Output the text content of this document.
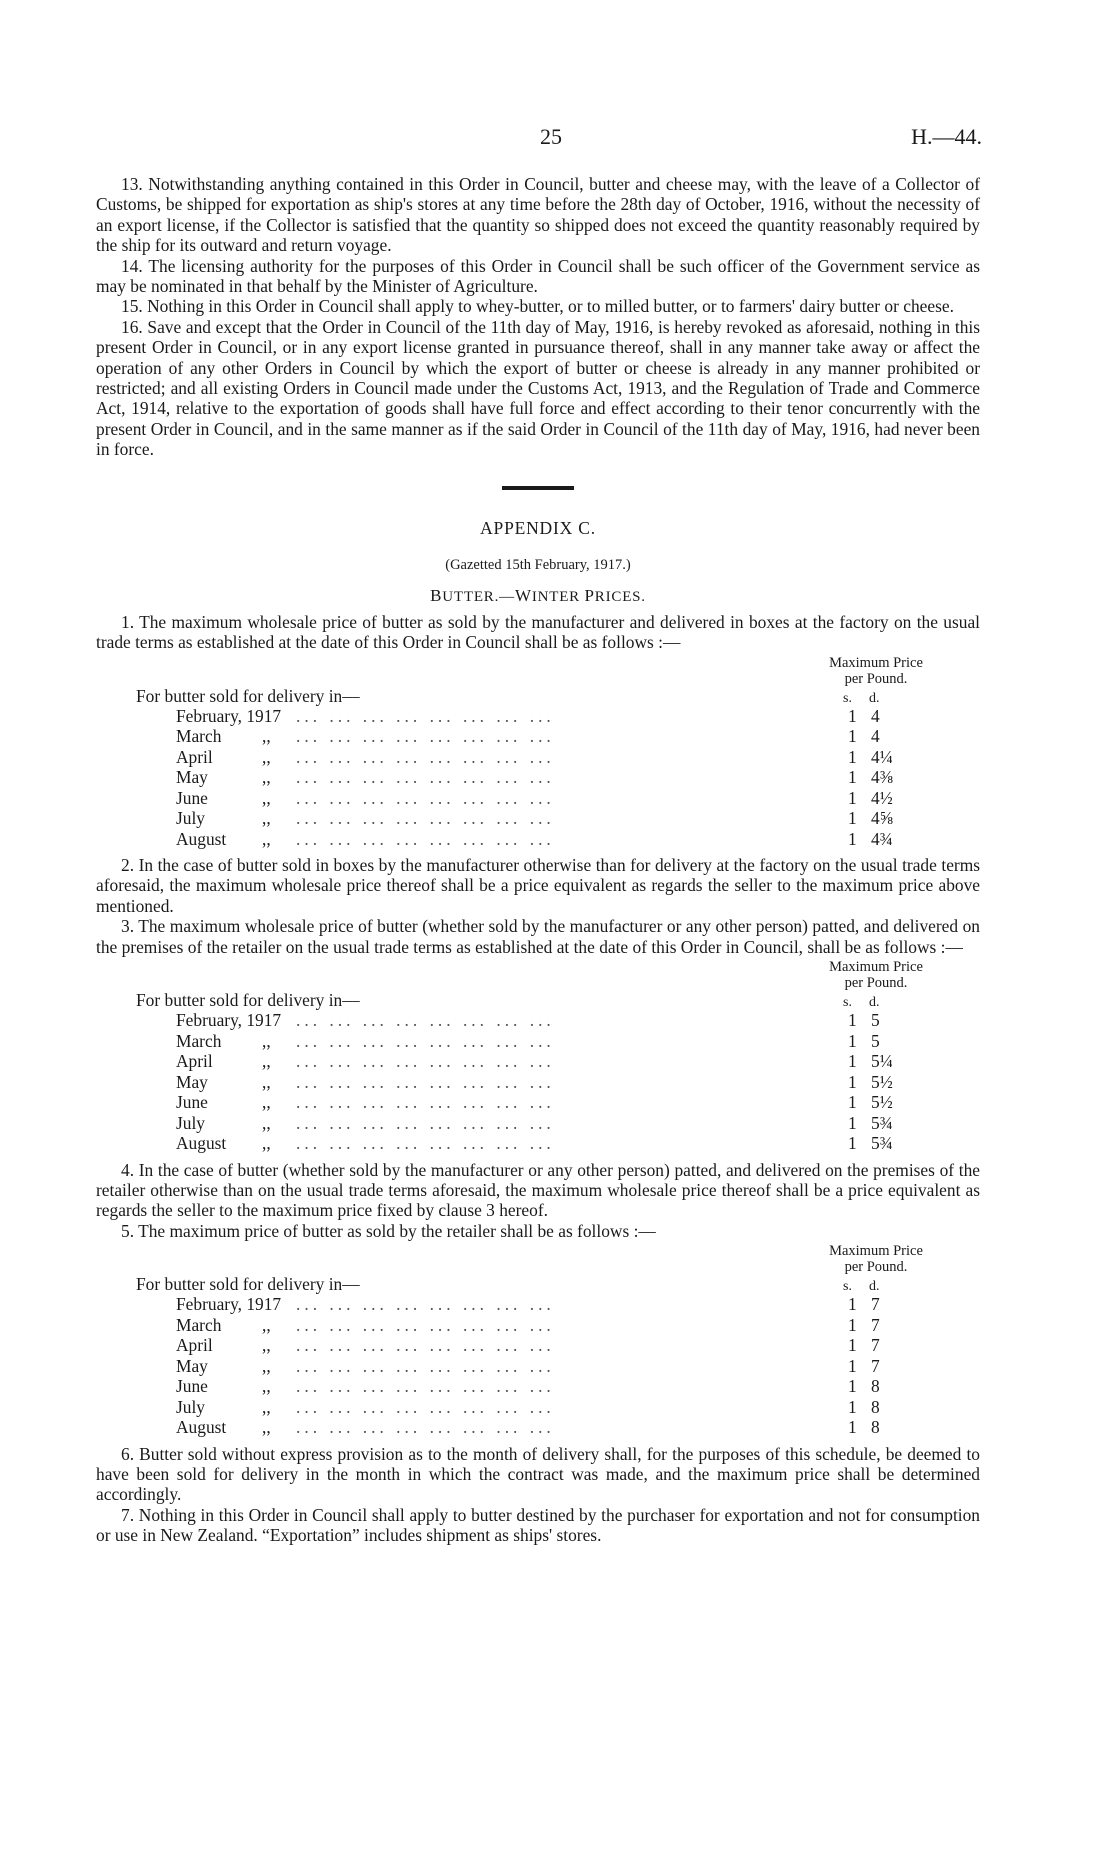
25	H.—44.

13. Notwithstanding anything contained in this Order in Council, butter and cheese may, with the leave of a Collector of Customs, be shipped for exportation as ship's stores at any time before the 28th day of October, 1916, without the necessity of an export license, if the Collector is satisfied that the quantity so shipped does not exceed the quantity reasonably required by the ship for its outward and return voyage.

14. The licensing authority for the purposes of this Order in Council shall be such officer of the Government service as may be nominated in that behalf by the Minister of Agriculture.

15. Nothing in this Order in Council shall apply to whey-butter, or to milled butter, or to farmers' dairy butter or cheese.

16. Save and except that the Order in Council of the 11th day of May, 1916, is hereby revoked as aforesaid, nothing in this present Order in Council, or in any export license granted in pursuance thereof, shall in any manner take away or affect the operation of any other Orders in Council by which the export of butter or cheese is already in any manner prohibited or restricted; and all existing Orders in Council made under the Customs Act, 1913, and the Regulation of Trade and Commerce Act, 1914, relative to the exportation of goods shall have full force and effect according to their tenor concurrently with the present Order in Council, and in the same manner as if the said Order in Council of the 11th day of May, 1916, had never been in force.

APPENDIX C.
(Gazetted 15th February, 1917.)
BUTTER.—WINTER PRICES.

1. The maximum wholesale price of butter as sold by the manufacturer and delivered in boxes at the factory on the usual trade terms as established at the date of this Order in Council shall be as follows :—

Maximum Price
per Pound.
For butter sold for delivery in—	s. d.
February, 1917 ... ... ... ... ... ... ... ...	1 4
March ,, ... ... ... ... ... ... ... ...	1 4
April	,, ... ... ... ... ... ... ... ...	1 4¼
May	,, ... ... ... ... ... ... ... ...	1 4⅜
June	,, ... ... ... ... ... ... ... ...	1 4½
July	,, ... ... ... ... ... ... ... ...	1 4⅝
August ,, ... ... ... ... ... ... ... ...	1 4¾

2. In the case of butter sold in boxes by the manufacturer otherwise than for delivery at the factory on the usual trade terms aforesaid, the maximum wholesale price thereof shall be a price equivalent as regards the seller to the maximum price above mentioned.

3. The maximum wholesale price of butter (whether sold by the manufacturer or any other person) patted, and delivered on the premises of the retailer on the usual trade terms as established at the date of this Order in Council, shall be as follows :—

Maximum Price
per Pound.
For butter sold for delivery in—	s. d.
February, 1917 ... ... ... ... ... ... ... ...	1 5
March ,, ... ... ... ... ... ... ... ...	1 5
April	,, ... ... ... ... ... ... ... ...	1 5¼
May	,, ... ... ... ... ... ... ... ...	1 5½
June	,, ... ... ... ... ... ... ... ...	1 5½
July	,, ... ... ... ... ... ... ... ...	1 5¾
August ,, ... ... ... ... ... ... ... ...	1 5¾

4. In the case of butter (whether sold by the manufacturer or any other person) patted, and delivered on the premises of the retailer otherwise than on the usual trade terms aforesaid, the maximum wholesale price thereof shall be a price equivalent as regards the seller to the maximum price fixed by clause 3 hereof.

5. The maximum price of butter as sold by the retailer shall be as follows :—

Maximum Price
per Pound.
For butter sold for delivery in—	s. d.
February, 1917 ... ... ... ... ... ... ... ...	1 7
March ,, ... ... ... ... ... ... ... ...	1 7
April	,, ... ... ... ... ... ... ... ...	1 7
May	,, ... ... ... ... ... ... ... ...	1 7
June	,, ... ... ... ... ... ... ... ...	1 8
July	,, ... ... ... ... ... ... ... ...	1 8
August ,, ... ... ... ... ... ... ... ...	1 8

6. Butter sold without express provision as to the month of delivery shall, for the purposes of this schedule, be deemed to have been sold for delivery in the month in which the contract was made, and the maximum price shall be determined accordingly.

7. Nothing in this Order in Council shall apply to butter destined by the purchaser for exportation and not for consumption or use in New Zealand. “Exportation” includes shipment as ships' stores.
